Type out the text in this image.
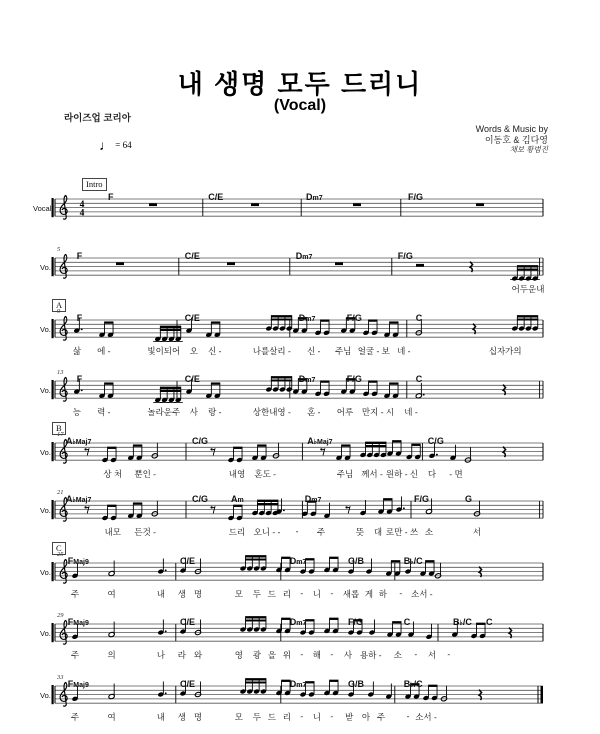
내 생명 모두 드리니
(Vocal)
라이즈업 코리아
Words & Music by
이동호 & 김다영
채보 황범진
♩ = 64
4
4
Intro
Vocal
F	C/E	Dm7	F/G
5
Vo.
F	C/E	Dm7	F/G
어두운내
A
9
Vo.
F	C/E	Dm7	F/G	C
삶 에 -	빛이되어 오 신 -	나를살리 - 신 - 주님 얼굴 - 보 네 -	십자가의
13
Vo.
F	C/E	Dm7	F/G	C
능 력 -	놀라운주 사 랑 -	상한내영 - 혼 - 어루 만지 - 시 네 -
B
17
Vo.
A♭Maj7	C/G	A♭Maj7	C/G
상 처 뿐인 -	내영 혼도 -	주님 께서 - 원하 - 신 다 - 면
21
Vo.
A♭Maj7	C/G	Am	Dm7	F/G	G
내모 든것 -	드리 오니 - - - 주	뜻 대 로만 - 쓰 소	서
C
25
Vo.
FMaj9	C/E	Dm7	G/B	B♭/C
주	여	내 생 명	모 두 드 리 - 니 - 새롭 게 하 - 소서 -
29
Vo.
FMaj9	C/E	Dm7	F/G	C	B♭/C C
주	의	나 라 와	영 광 을 위 - 해 - 사 용하 - 소 - 서 -
33
Vo.
FMaj9	C/E	Dm7	G/B	B♭/C
주	여	내 생 명	모 두 드 리 - 니 - 받 아 주	- 소서 -
